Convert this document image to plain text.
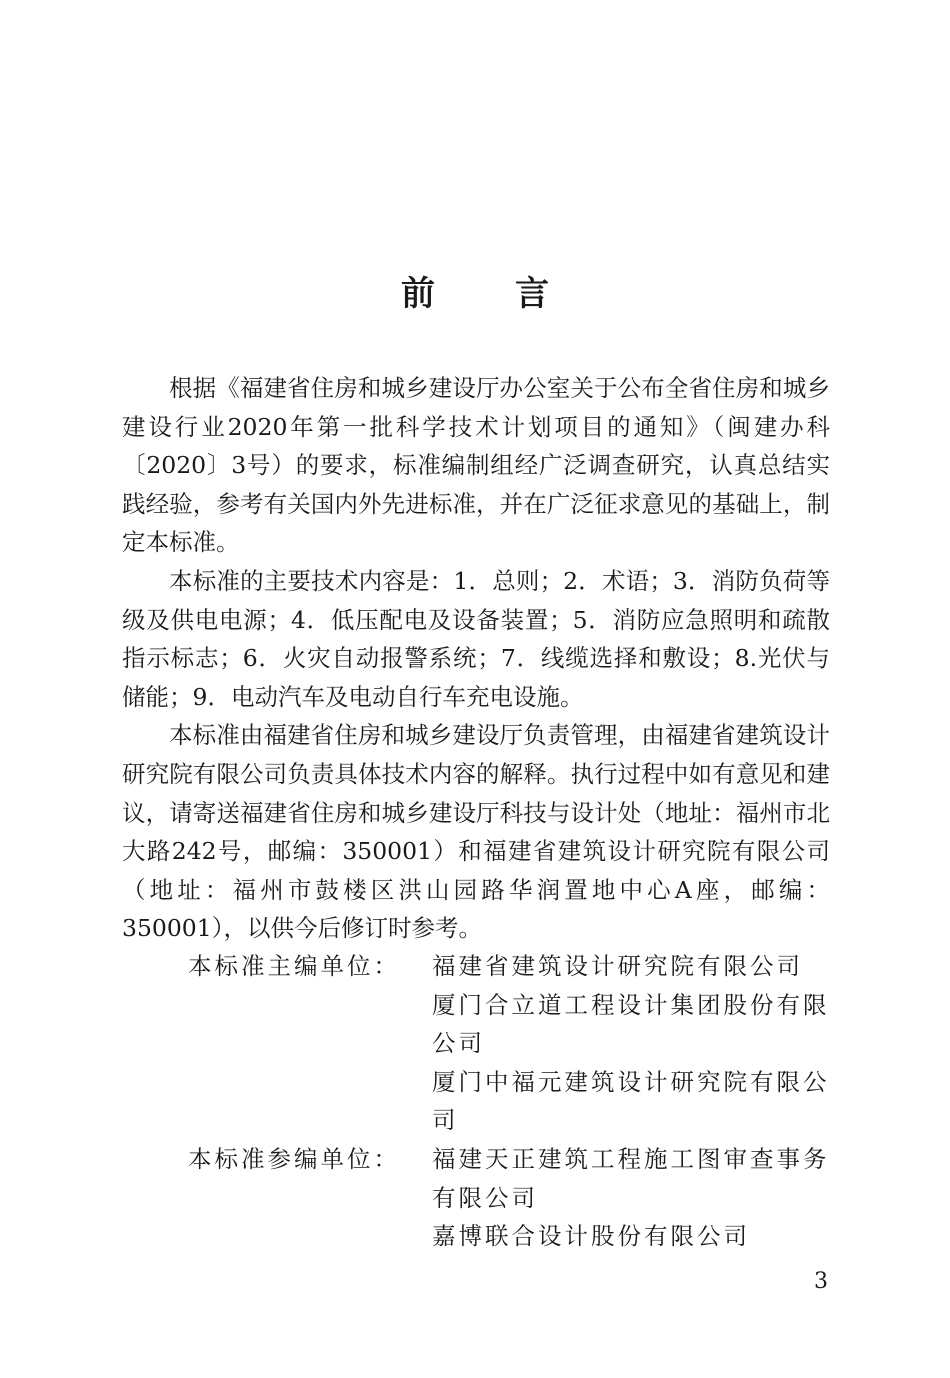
前言

根据《福建省住房和城乡建设厅办公室关于公布全省住房和城乡建设行业2020年第一批科学技术计划项目的通知》（闽建办科〔2020〕3号）的要求，标准编制组经广泛调查研究，认真总结实践经验，参考有关国内外先进标准，并在广泛征求意见的基础上，制定本标准。

本标准的主要技术内容是：1．总则；2．术语；3．消防负荷等级及供电电源；4．低压配电及设备装置；5．消防应急照明和疏散指示标志；6．火灾自动报警系统；7．线缆选择和敷设；8.光伏与储能；9．电动汽车及电动自行车充电设施。

本标准由福建省住房和城乡建设厅负责管理，由福建省建筑设计研究院有限公司负责具体技术内容的解释。执行过程中如有意见和建议，请寄送福建省住房和城乡建设厅科技与设计处（地址：福州市北大路242号，邮编：350001）和福建省建筑设计研究院有限公司（地址：福州市鼓楼区洪山园路华润置地中心A座，邮编：350001），以供今后修订时参考。

本标准主编单位：	福建省建筑设计研究院有限公司
厦门合立道工程设计集团股份有限公司
厦门中福元建筑设计研究院有限公司
本标准参编单位：	福建天正建筑工程施工图审查事务有限公司
嘉博联合设计股份有限公司
3
